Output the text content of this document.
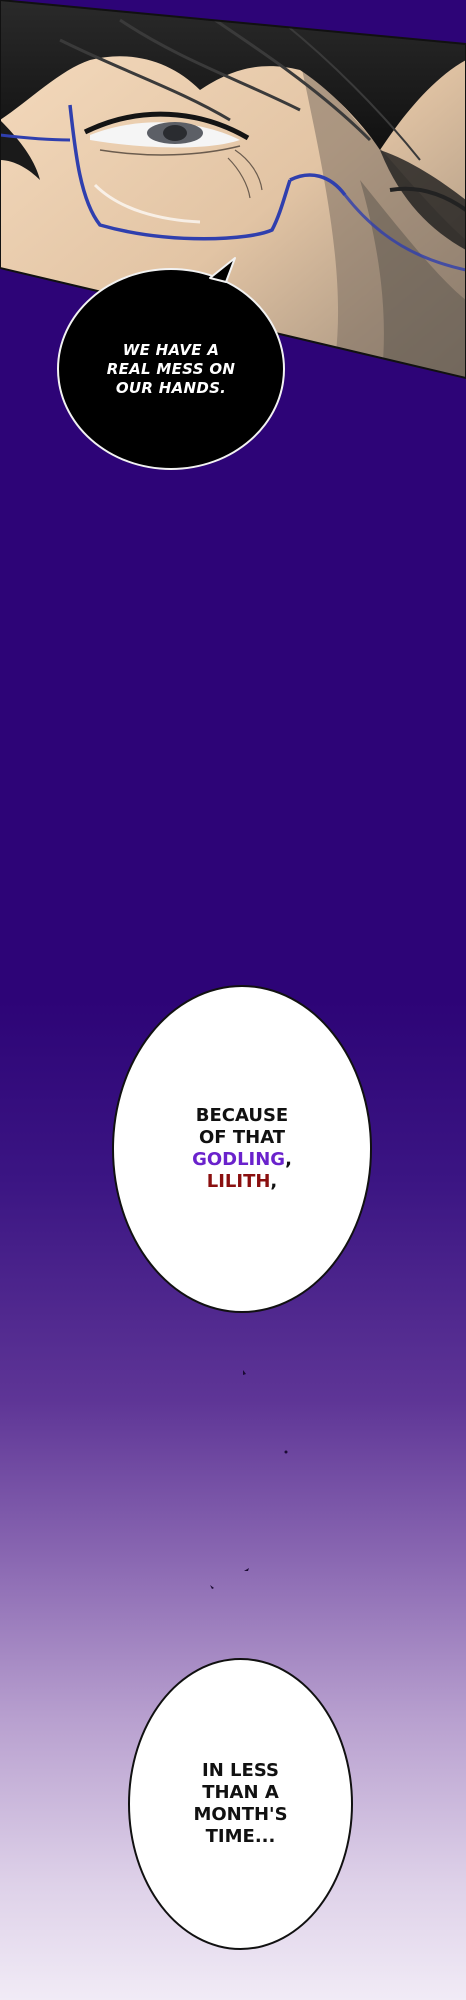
WE HAVE A
REAL MESS ON
OUR HANDS.
BECAUSE
OF THAT
GODLING,
LILITH,
IN LESS
THAN A
MONTH'S
TIME...
